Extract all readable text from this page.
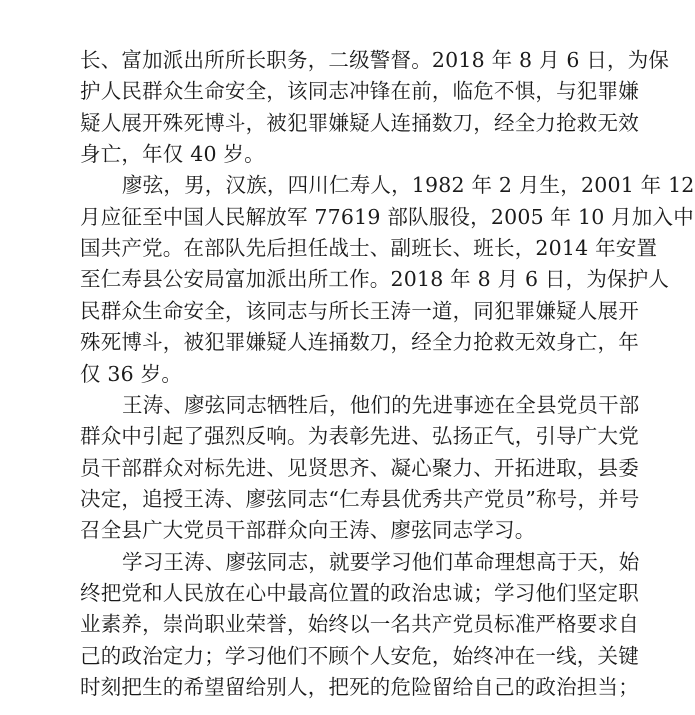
长、富加派出所所长职务，二级警督。2018 年 8 月 6 日，为保

护人民群众生命安全，该同志冲锋在前，临危不惧，与犯罪嫌

疑人展开殊死博斗，被犯罪嫌疑人连捅数刀，经全力抢救无效

身亡，年仅 40 岁。

廖弦，男，汉族，四川仁寿人，1982 年 2 月生，2001 年 12

月应征至中国人民解放军 77619 部队服役，2005 年 10 月加入中

国共产党。在部队先后担任战士、副班长、班长，2014 年安置

至仁寿县公安局富加派出所工作。2018 年 8 月 6 日，为保护人

民群众生命安全，该同志与所长王涛一道，同犯罪嫌疑人展开

殊死博斗，被犯罪嫌疑人连捅数刀，经全力抢救无效身亡，年

仅 36 岁。

王涛、廖弦同志牺牲后，他们的先进事迹在全县党员干部

群众中引起了强烈反响。为表彰先进、弘扬正气，引导广大党

员干部群众对标先进、见贤思齐、凝心聚力、开拓进取，县委

决定，追授王涛、廖弦同志“仁寿县优秀共产党员”称号，并号

召全县广大党员干部群众向王涛、廖弦同志学习。

学习王涛、廖弦同志，就要学习他们革命理想高于天，始

终把党和人民放在心中最高位置的政治忠诚；学习他们坚定职

业素养，崇尚职业荣誉，始终以一名共产党员标准严格要求自

己的政治定力；学习他们不顾个人安危，始终冲在一线，关键

时刻把生的希望留给别人，把死的危险留给自己的政治担当；
